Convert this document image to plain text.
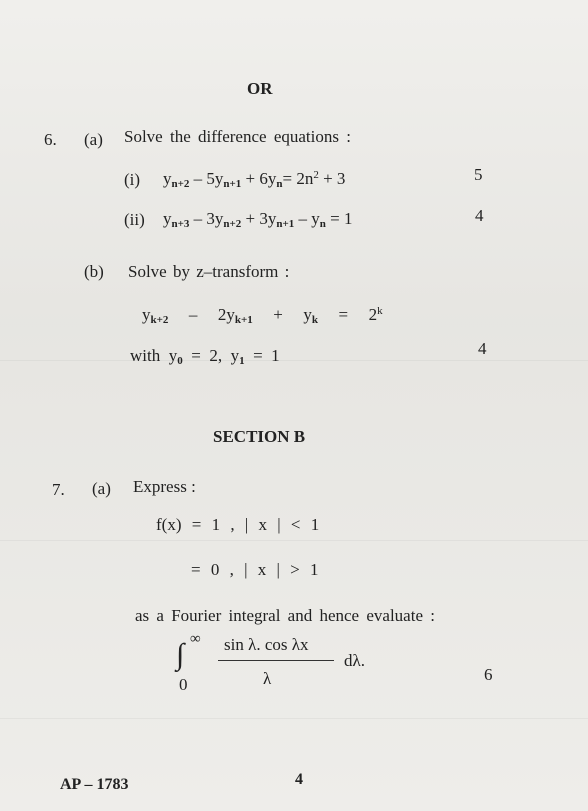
OR
6. (a) Solve the difference equations :
(i) $y_{n+2} - 5y_{n+1} + 6y_n= 2n^2 + 3$	5
(ii) $y_{n+3} - 3y_{n+2} + 3y_{n+1} - y_n = 1$	4
(b) Solve by z–transform :
$y_{k+2} - 2y_{k+1} + y_k = 2^k$
with  $y_0 = 2$,  $y_1 = 1$	4
SECTION B
7. (a) Express :
f(x) = 1 , | x | < 1
= 0 , | x | > 1
as a Fourier integral and hence evaluate :
∞
∫
0
sin λ. cos λx
λ
dλ.
6
AP – 1783	4
